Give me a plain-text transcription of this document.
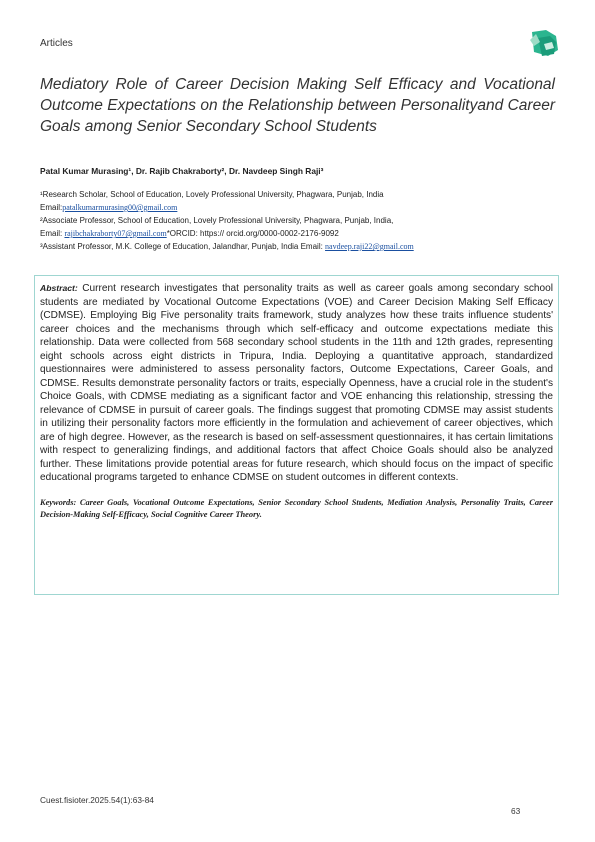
Articles
Mediatory Role of Career Decision Making Self Efficacy and Vocational Outcome Expectations on the Relationship between Personalityand Career Goals among Senior Secondary School Students
Patal Kumar Murasing¹, Dr. Rajib Chakraborty², Dr. Navdeep Singh Raji³
¹Research Scholar, School of Education, Lovely Professional University, Phagwara, Punjab, India
Email:patalkumarmurasing00@gmail.com
²Associate Professor, School of Education, Lovely Professional University, Phagwara, Punjab, India,
Email: rajibchakraborty07@gmail.com*ORCID: https:// orcid.org/0000-0002-2176-9092
³Assistant Professor, M.K. College of Education, Jalandhar, Punjab, India Email: navdeep.raji22@gmail.com
Abstract: Current research investigates that personality traits as well as career goals among secondary school students are mediated by Vocational Outcome Expectations (VOE) and Career Decision Making Self Efficacy (CDMSE). Employing Big Five personality traits framework, study analyzes how these traits influence students' career choices and the mechanisms through which self-efficacy and outcome expectations mediate this relationship. Data were collected from 568 secondary school students in the 11th and 12th grades, representing eight schools across eight districts in Tripura, India. Deploying a quantitative approach, standardized questionnaires were administered to assess personality factors, Outcome Expectations, Career Goals, and CDMSE. Results demonstrate personality factors or traits, especially Openness, have a crucial role in the student's Choice Goals, with CDMSE mediating as a significant factor and VOE enhancing this relationship, stressing the relevance of CDMSE in pursuit of career goals. The findings suggest that promoting CDMSE may assist students in utilizing their personality factors more efficiently in the formulation and achievement of career objectives, which are of high degree. However, as the research is based on self-assessment questionnaires, it has certain limitations with respect to generalizing findings, and additional factors that affect Choice Goals should also be analyzed further. These limitations provide potential areas for future research, which should focus on the impact of specific educational programs targeted to enhance CDMSE on student outcomes in different contexts.
Keywords: Career Goals, Vocational Outcome Expectations, Senior Secondary School Students, Mediation Analysis, Personality Traits, Career Decision-Making Self-Efficacy, Social Cognitive Career Theory.
Cuest.fisioter.2025.54(1):63-84
63
